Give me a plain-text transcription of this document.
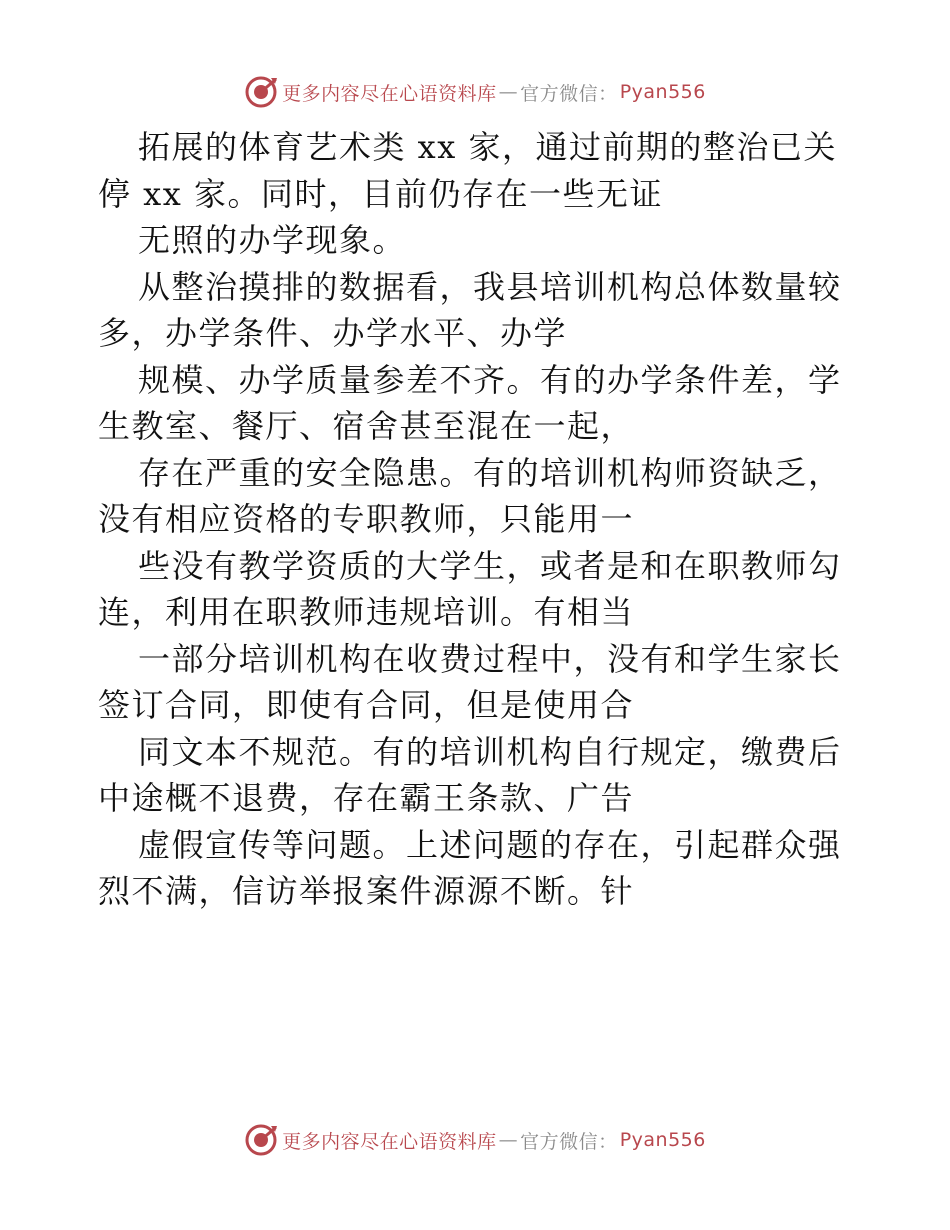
更多内容尽在心语资料库 — 官方微信： Pyan556

拓展的体育艺术类 xx 家，通过前期的整治已关停 xx 家。同时，目前仍存在一些无证

无照的办学现象。

从整治摸排的数据看，我县培训机构总体数量较多，办学条件、办学水平、办学

规模、办学质量参差不齐。有的办学条件差，学生教室、餐厅、宿舍甚至混在一起，

存在严重的安全隐患。有的培训机构师资缺乏，没有相应资格的专职教师，只能用一

些没有教学资质的大学生，或者是和在职教师勾连，利用在职教师违规培训。有相当

一部分培训机构在收费过程中，没有和学生家长签订合同，即使有合同，但是使用合

同文本不规范。有的培训机构自行规定，缴费后中途概不退费，存在霸王条款、广告

虚假宣传等问题。上述问题的存在，引起群众强烈不满，信访举报案件源源不断。针

更多内容尽在心语资料库 — 官方微信： Pyan556
